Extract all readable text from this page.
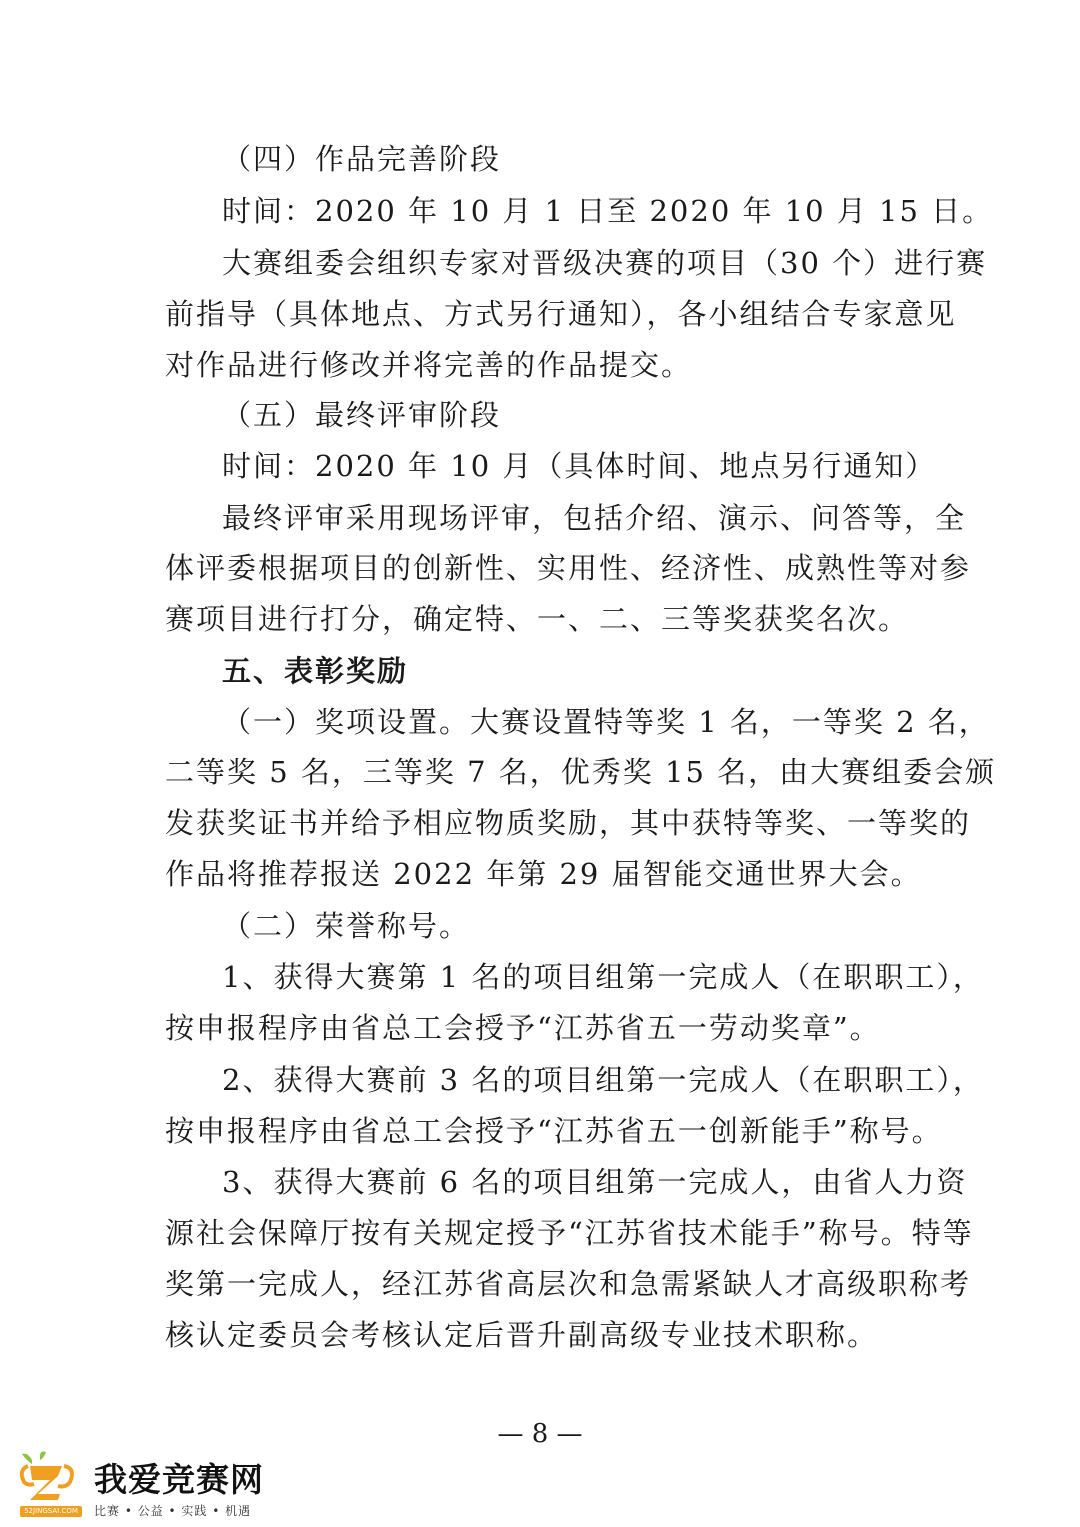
（四）作品完善阶段
时间：2020 年 10 月 1 日至 2020 年 10 月 15 日。
大赛组委会组织专家对晋级决赛的项目（30 个）进行赛
前指导（具体地点、方式另行通知），各小组结合专家意见
对作品进行修改并将完善的作品提交。
（五）最终评审阶段
时间：2020 年 10 月（具体时间、地点另行通知）
最终评审采用现场评审，包括介绍、演示、问答等，全
体评委根据项目的创新性、实用性、经济性、成熟性等对参
赛项目进行打分，确定特、一、二、三等奖获奖名次。
五、表彰奖励
（一）奖项设置。大赛设置特等奖 1 名，一等奖 2 名，
二等奖 5 名，三等奖 7 名，优秀奖 15 名，由大赛组委会颁
发获奖证书并给予相应物质奖励，其中获特等奖、一等奖的
作品将推荐报送 2022 年第 29 届智能交通世界大会。
（二）荣誉称号。
1、获得大赛第 1 名的项目组第一完成人（在职职工），
按申报程序由省总工会授予“江苏省五一劳动奖章”。
2、获得大赛前 3 名的项目组第一完成人（在职职工），
按申报程序由省总工会授予“江苏省五一创新能手”称号。
3、获得大赛前 6 名的项目组第一完成人，由省人力资
源社会保障厅按有关规定授予“江苏省技术能手”称号。特等
奖第一完成人，经江苏省高层次和急需紧缺人才高级职称考
核认定委员会考核认定后晋升副高级专业技术职称。
— 8 —
我爱竞赛网
52JINGSAI.COM	比赛 • 公益 • 实践 • 机遇
